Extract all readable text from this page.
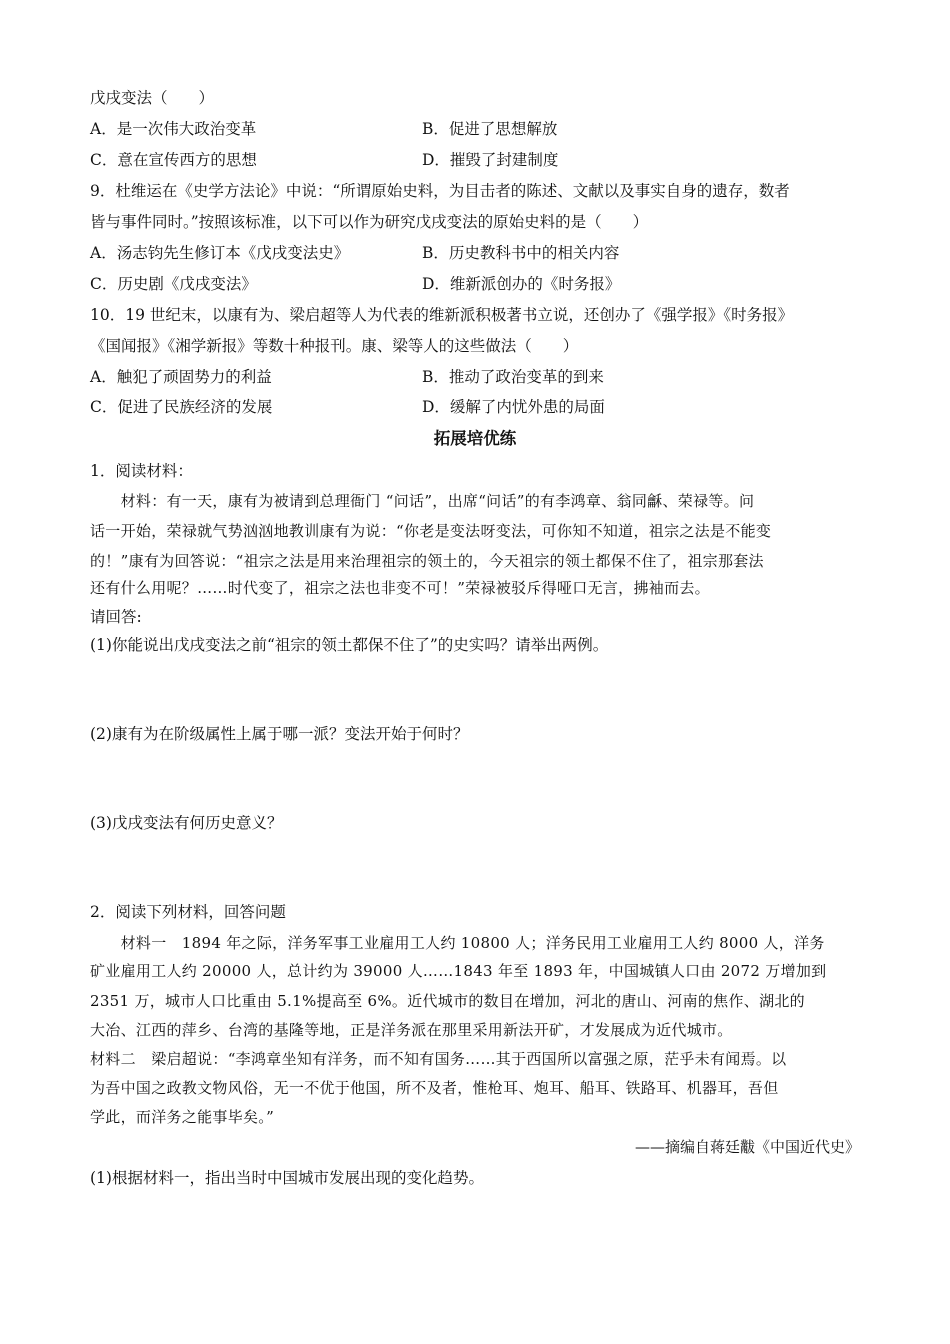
戊戌变法（　　）
A．是一次伟大政治变革	B．促进了思想解放
C．意在宣传西方的思想	D．摧毁了封建制度
9．杜维运在《史学方法论》中说：“所谓原始史料，为目击者的陈述、文献以及事实自身的遗存，数者
皆与事件同时。”按照该标准，以下可以作为研究戊戌变法的原始史料的是（　　）
A．汤志钧先生修订本《戊戌变法史》	B．历史教科书中的相关内容
C．历史剧《戊戌变法》	D．维新派创办的《时务报》
10．19 世纪末，以康有为、梁启超等人为代表的维新派积极著书立说，还创办了《强学报》《时务报》
《国闻报》《湘学新报》等数十种报刊。康、梁等人的这些做法（　　）
A．触犯了顽固势力的利益	B．推动了政治变革的到来
C．促进了民族经济的发展	D．缓解了内忧外患的局面
拓展培优练
1．阅读材料：
　　材料：有一天，康有为被请到总理衙门 “问话”，出席“问话”的有李鸿章、翁同龢、荣禄等。问
话一开始，荣禄就气势汹汹地教训康有为说：“你老是变法呀变法，可你知不知道，祖宗之法是不能变
的！”康有为回答说：“祖宗之法是用来治理祖宗的领土的，今天祖宗的领土都保不住了，祖宗那套法
还有什么用呢？……时代变了，祖宗之法也非变不可！”荣禄被驳斥得哑口无言，拂袖而去。
请回答:
(1)你能说出戊戌变法之前“祖宗的领土都保不住了”的史实吗？请举出两例。
(2)康有为在阶级属性上属于哪一派？变法开始于何时？
(3)戊戌变法有何历史意义？
2．阅读下列材料，回答问题
　　材料一　1894 年之际，洋务军事工业雇用工人约 10800 人；洋务民用工业雇用工人约 8000 人，洋务
矿业雇用工人约 20000 人，总计约为 39000 人……1843 年至 1893 年，中国城镇人口由 2072 万增加到
2351 万，城市人口比重由 5.1%提高至 6%。近代城市的数目在增加，河北的唐山、河南的焦作、湖北的
大冶、江西的萍乡、台湾的基隆等地，正是洋务派在那里采用新法开矿，才发展成为近代城市。
材料二　梁启超说：“李鸿章坐知有洋务，而不知有国务……其于西国所以富强之原，茫乎未有闻焉。以
为吾中国之政教文物风俗，无一不优于他国，所不及者，惟枪耳、炮耳、船耳、铁路耳、机器耳，吾但
学此，而洋务之能事毕矣。”
——摘编自蒋廷黻《中国近代史》
(1)根据材料一，指出当时中国城市发展出现的变化趋势。
